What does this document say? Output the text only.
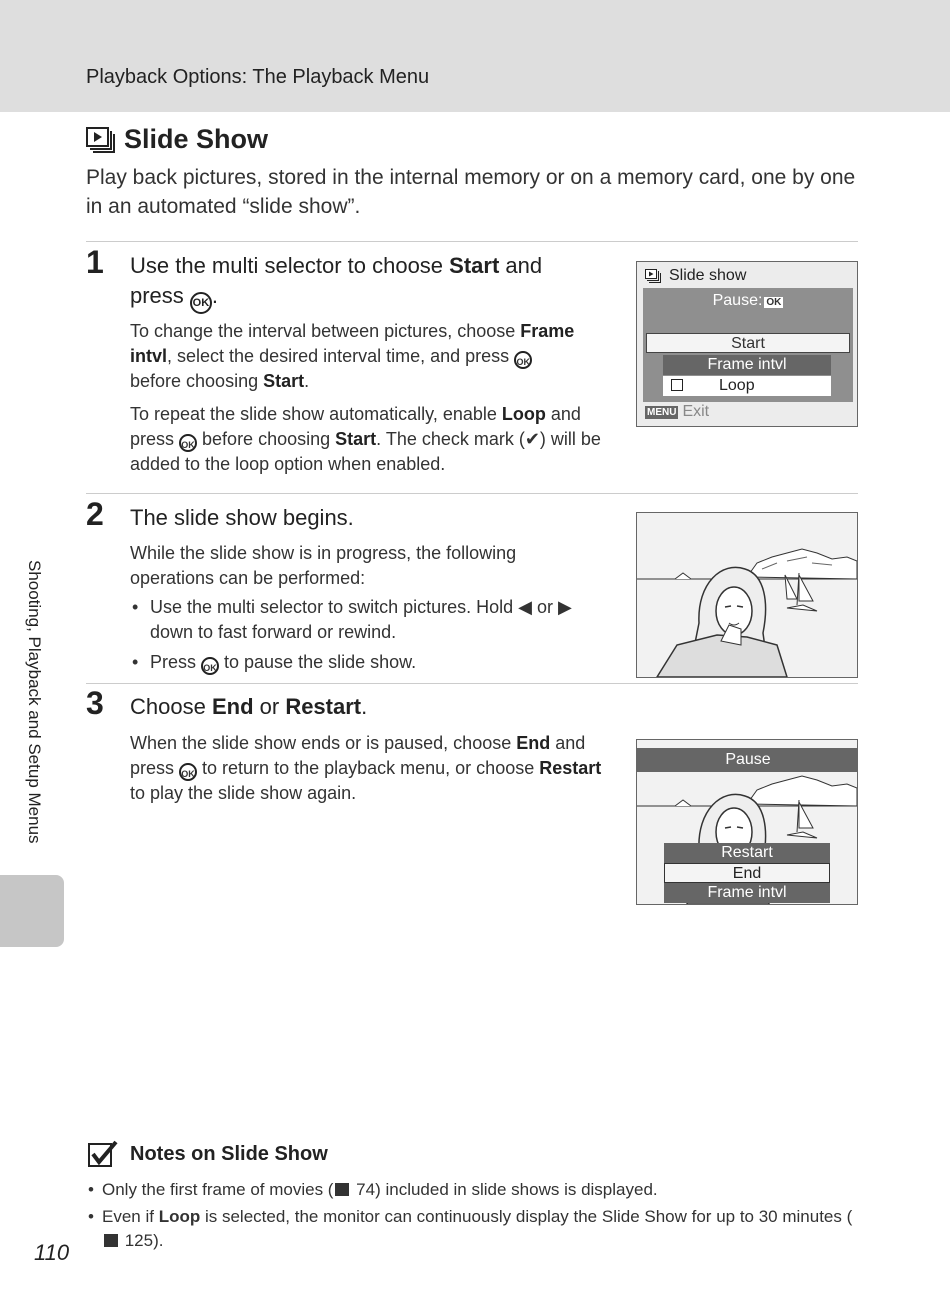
Playback Options: The Playback Menu
Shooting, Playback and Setup Menus
110
Slide Show
Play back pictures, stored in the internal memory or on a memory card, one by one in an automated “slide show”.
1 Use the multi selector to choose Start and
press OK .
To change the interval between pictures, choose Frame intvl, select the desired interval time, and press OK
before choosing Start.
To repeat the slide show automatically, enable Loop and press OK before choosing Start. The check mark (✔) will be added to the loop option when enabled.
Slide show
Pause: OK
Start
Frame intvl
Loop
MENU Exit
2 The slide show begins.
While the slide show is in progress, the following operations can be performed:
• Use the multi selector to switch pictures. Hold ◀ or ▶ down to fast forward or rewind.
• Press OK to pause the slide show.
3 Choose End or Restart.
When the slide show ends or is paused, choose End and press OK to return to the playback menu, or choose Restart to play the slide show again.
Pause
Restart
End
Frame intvl
Notes on Slide Show
• Only the first frame of movies ( 74) included in slide shows is displayed.
• Even if Loop is selected, the monitor can continuously display the Slide Show for up to 30 minutes ( 125).
